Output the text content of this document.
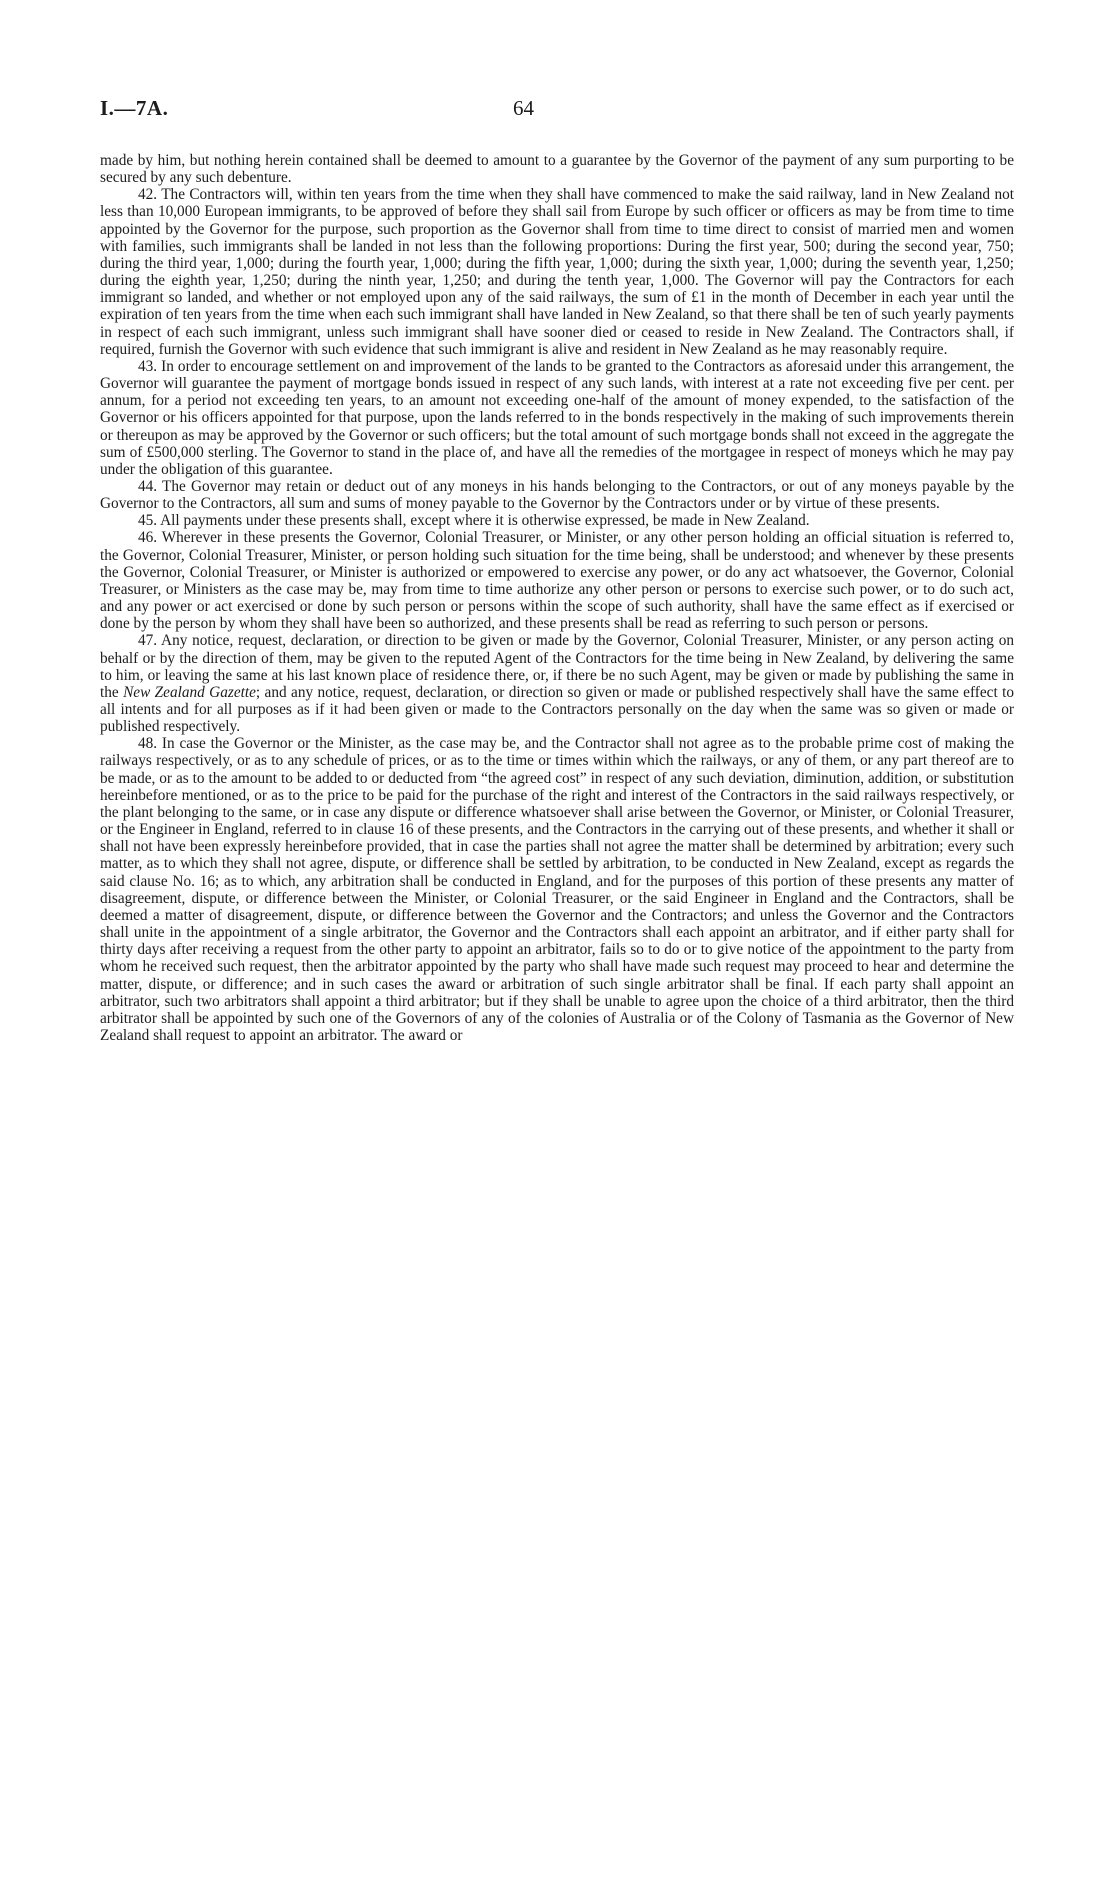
I.—7A.	64

made by him, but nothing herein contained shall be deemed to amount to a guarantee by the Governor of the payment of any sum purporting to be secured by any such debenture.

42. The Contractors will, within ten years from the time when they shall have commenced to make the said railway, land in New Zealand not less than 10,000 European immigrants, to be approved of before they shall sail from Europe by such officer or officers as may be from time to time appointed by the Governor for the purpose, such proportion as the Governor shall from time to time direct to consist of married men and women with families, such immigrants shall be landed in not less than the following proportions: During the first year, 500; during the second year, 750; during the third year, 1,000; during the fourth year, 1,000; during the fifth year, 1,000; during the sixth year, 1,000; during the seventh year, 1,250; during the eighth year, 1,250; during the ninth year, 1,250; and during the tenth year, 1,000. The Governor will pay the Contractors for each immigrant so landed, and whether or not employed upon any of the said railways, the sum of £1 in the month of December in each year until the expiration of ten years from the time when each such immigrant shall have landed in New Zealand, so that there shall be ten of such yearly payments in respect of each such immigrant, unless such immigrant shall have sooner died or ceased to reside in New Zealand. The Contractors shall, if required, furnish the Governor with such evidence that such immigrant is alive and resident in New Zealand as he may reasonably require.

43. In order to encourage settlement on and improvement of the lands to be granted to the Contractors as aforesaid under this arrangement, the Governor will guarantee the payment of mortgage bonds issued in respect of any such lands, with interest at a rate not exceeding five per cent. per annum, for a period not exceeding ten years, to an amount not exceeding one-half of the amount of money expended, to the satisfaction of the Governor or his officers appointed for that purpose, upon the lands referred to in the bonds respectively in the making of such improvements therein or thereupon as may be approved by the Governor or such officers; but the total amount of such mortgage bonds shall not exceed in the aggregate the sum of £500,000 sterling. The Governor to stand in the place of, and have all the remedies of the mortgagee in respect of moneys which he may pay under the obligation of this guarantee.

44. The Governor may retain or deduct out of any moneys in his hands belonging to the Contractors, or out of any moneys payable by the Governor to the Contractors, all sum and sums of money payable to the Governor by the Contractors under or by virtue of these presents.

45. All payments under these presents shall, except where it is otherwise expressed, be made in New Zealand.

46. Wherever in these presents the Governor, Colonial Treasurer, or Minister, or any other person holding an official situation is referred to, the Governor, Colonial Treasurer, Minister, or person holding such situation for the time being, shall be understood; and whenever by these presents the Governor, Colonial Treasurer, or Minister is authorized or empowered to exercise any power, or do any act whatsoever, the Governor, Colonial Treasurer, or Ministers as the case may be, may from time to time authorize any other person or persons to exercise such power, or to do such act, and any power or act exercised or done by such person or persons within the scope of such authority, shall have the same effect as if exercised or done by the person by whom they shall have been so authorized, and these presents shall be read as referring to such person or persons.

47. Any notice, request, declaration, or direction to be given or made by the Governor, Colonial Treasurer, Minister, or any person acting on behalf or by the direction of them, may be given to the reputed Agent of the Contractors for the time being in New Zealand, by delivering the same to him, or leaving the same at his last known place of residence there, or, if there be no such Agent, may be given or made by publishing the same in the New Zealand Gazette; and any notice, request, declaration, or direction so given or made or published respectively shall have the same effect to all intents and for all purposes as if it had been given or made to the Contractors personally on the day when the same was so given or made or published respectively.

48. In case the Governor or the Minister, as the case may be, and the Contractor shall not agree as to the probable prime cost of making the railways respectively, or as to any schedule of prices, or as to the time or times within which the railways, or any of them, or any part thereof are to be made, or as to the amount to be added to or deducted from “the agreed cost” in respect of any such deviation, diminution, addition, or substitution hereinbefore mentioned, or as to the price to be paid for the purchase of the right and interest of the Contractors in the said railways respectively, or the plant belonging to the same, or in case any dispute or difference whatsoever shall arise between the Governor, or Minister, or Colonial Treasurer, or the Engineer in England, referred to in clause 16 of these presents, and the Contractors in the carrying out of these presents, and whether it shall or shall not have been expressly hereinbefore provided, that in case the parties shall not agree the matter shall be determined by arbitration; every such matter, as to which they shall not agree, dispute, or difference shall be settled by arbitration, to be conducted in New Zealand, except as regards the said clause No. 16; as to which, any arbitration shall be conducted in England, and for the purposes of this portion of these presents any matter of disagreement, dispute, or difference between the Minister, or Colonial Treasurer, or the said Engineer in England and the Contractors, shall be deemed a matter of disagreement, dispute, or difference between the Governor and the Contractors; and unless the Governor and the Contractors shall unite in the appointment of a single arbitrator, the Governor and the Contractors shall each appoint an arbitrator, and if either party shall for thirty days after receiving a request from the other party to appoint an arbitrator, fails so to do or to give notice of the appointment to the party from whom he received such request, then the arbitrator appointed by the party who shall have made such request may proceed to hear and determine the matter, dispute, or difference; and in such cases the award or arbitration of such single arbitrator shall be final. If each party shall appoint an arbitrator, such two arbitrators shall appoint a third arbitrator; but if they shall be unable to agree upon the choice of a third arbitrator, then the third arbitrator shall be appointed by such one of the Governors of any of the colonies of Australia or of the Colony of Tasmania as the Governor of New Zealand shall request to appoint an arbitrator. The award or
